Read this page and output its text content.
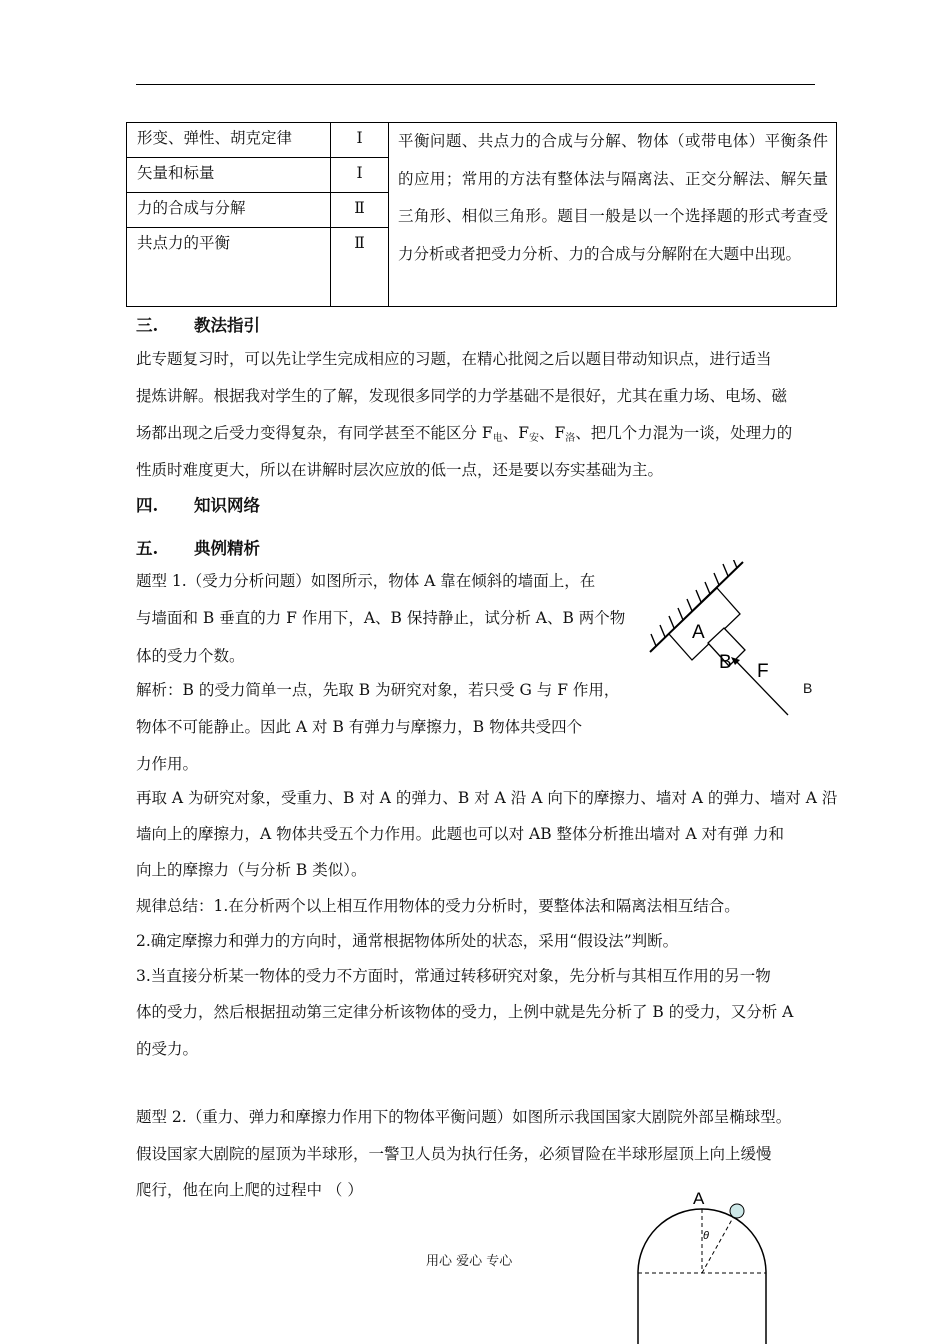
形变、弹性、胡克定律	Ⅰ	平衡问题、共点力的合成与分解、物体（或带电体）平衡条件的应用；常用的方法有整体法与隔离法、正交分解法、解矢量三角形、相似三角形。题目一般是以一个选择题的形式考查受力分析或者把受力分析、力的合成与分解附在大题中出现。
矢量和标量	Ⅰ	
力的合成与分解	Ⅱ	
共点力的平衡	Ⅱ	
三. 教法指引
此专题复习时，可以先让学生完成相应的习题，在精心批阅之后以题目带动知识点，进行适当
提炼讲解。根据我对学生的了解，发现很多同学的力学基础不是很好，尤其在重力场、电场、磁
场都出现之后受力变得复杂，有同学甚至不能区分 $F_电$、$F_安$、$F_洛$、把几个力混为一谈，处理力的
性质时难度更大，所以在讲解时层次应放的低一点，还是要以夯实基础为主。
四. 知识网络
五. 典例精析
题型 1.（受力分析问题）如图所示，物体 A 靠在倾斜的墙面上，在
与墙面和 B 垂直的力 F 作用下，A、B 保持静止，试分析 A、B 两个物
体的受力个数。
解析：B 的受力简单一点，先取 B 为研究对象，若只受 G 与 F 作用，	B
物体不可能静止。因此 A 对 B 有弹力与摩擦力，B 物体共受四个
力作用。
再取 A 为研究对象，受重力、B 对 A 的弹力、B 对 A 沿 A 向下的摩擦力、墙对 A 的弹力、墙对 A 沿
墙向上的摩擦力，A 物体共受五个力作用。此题也可以对 AB 整体分析推出墙对 A 对有弹 力和
向上的摩擦力（与分析 B 类似）。
规律总结：1.在分析两个以上相互作用物体的受力分析时，要整体法和隔离法相互结合。
2.确定摩擦力和弹力的方向时，通常根据物体所处的状态，采用“假设法”判断。
3.当直接分析某一物体的受力不方面时，常通过转移研究对象，先分析与其相互作用的另一物
体的受力，然后根据扭动第三定律分析该物体的受力，上例中就是先分析了 B 的受力，又分析 A
的受力。
题型 2.（重力、弹力和摩擦力作用下的物体平衡问题）如图所示我国国家大剧院外部呈椭球型。
假设国家大剧院的屋顶为半球形，一警卫人员为执行任务，必须冒险在半球形屋顶上向上缓慢
爬行，他在向上爬的过程中 （ ）
A
B F
A
θ
用心 爱心 专心
